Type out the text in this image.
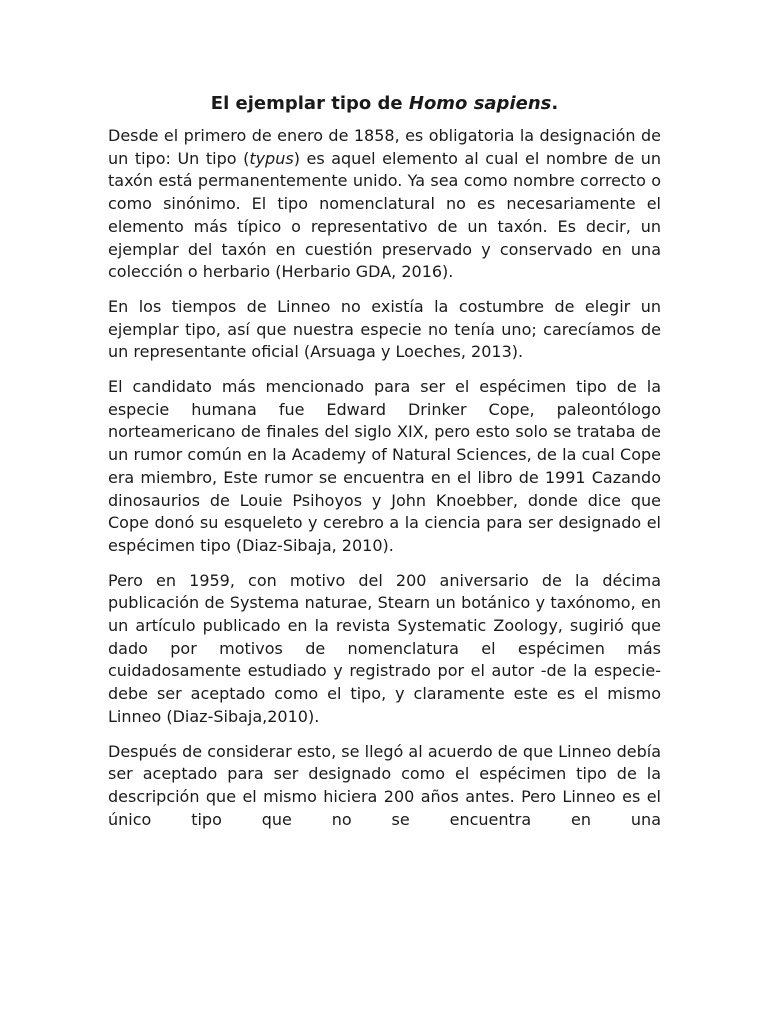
El ejemplar tipo de Homo sapiens.

Desde el primero de enero de 1858, es obligatoria la designación de un tipo: Un tipo (typus) es aquel elemento al cual el nombre de un taxón está permanentemente unido. Ya sea como nombre correcto o como sinónimo. El tipo nomenclatural no es necesariamente el elemento más típico o representativo de un taxón. Es decir, un ejemplar del taxón en cuestión preservado y conservado en una colección o herbario (Herbario GDA, 2016).

En los tiempos de Linneo no existía la costumbre de elegir un ejemplar tipo, así que nuestra especie no tenía uno; carecíamos de un representante oficial (Arsuaga y Loeches, 2013).

El candidato más mencionado para ser el espécimen tipo de la especie humana fue Edward Drinker Cope, paleontólogo norteamericano de finales del siglo XIX, pero esto solo se trataba de un rumor común en la Academy of Natural Sciences, de la cual Cope era miembro, Este rumor se encuentra en el libro de 1991 Cazando dinosaurios de Louie Psihoyos y John Knoebber, donde dice que Cope donó su esqueleto y cerebro a la ciencia para ser designado el espécimen tipo (Diaz-Sibaja, 2010).

Pero en 1959, con motivo del 200 aniversario de la décima publicación de Systema naturae, Stearn un botánico y taxónomo, en un artículo publicado en la revista Systematic Zoology, sugirió que dado por motivos de nomenclatura el espécimen más cuidadosamente estudiado y registrado por el autor -de la especie- debe ser aceptado como el tipo, y claramente este es el mismo Linneo (Diaz-Sibaja,2010).

Después de considerar esto, se llegó al acuerdo de que Linneo debía ser aceptado para ser designado como el espécimen tipo de la descripción que el mismo hiciera 200 años antes. Pero Linneo es el único tipo que no se encuentra en una
